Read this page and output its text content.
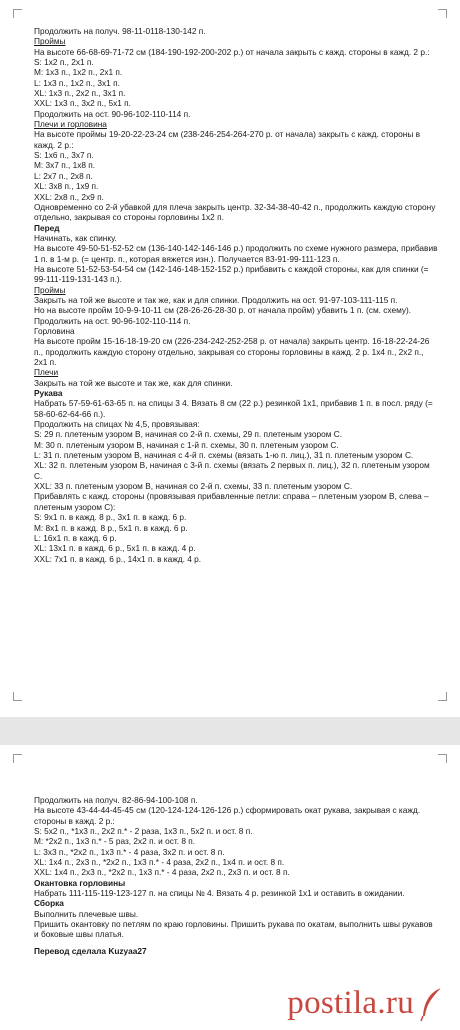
Продолжить на получ. 98-11-0118-130-142 п.
Проймы
На высоте 66-68-69-71-72 см (184-190-192-200-202 р.) от начала закрыть с кажд. стороны в кажд. 2 р.:
S: 1x2 п., 2x1 п.
M: 1x3 п., 1x2 п., 2x1 п.
L: 1x3 п., 1x2 п., 3x1 п.
XL: 1x3 п., 2x2 п., 3x1 п.
XXL: 1x3 п., 3x2 п., 5x1 п.
Продолжить на ост. 90-96-102-110-114 п.
Плечи и горловина
На высоте проймы 19-20-22-23-24 см (238-246-254-264-270 р. от начала) закрыть с кажд. стороны в кажд. 2 р.:
S: 1x6 п., 3x7 п.
M: 3x7 п., 1x8 п.
L: 2x7 п., 2x8 п.
XL: 3x8 п., 1x9 п.
XXL: 2x8 п., 2x9 п.
Одновременно со 2-й убавкой для плеча закрыть центр. 32-34-38-40-42 п., продолжить каждую сторону отдельно, закрывая со стороны горловины 1x2 п.
Перед
Начинать, как спинку.
На высоте 49-50-51-52-52 см (136-140-142-146-146 р.) продолжить по схеме нужного размера, прибавив 1 п. в 1-м р. (= центр. п., которая вяжется изн.). Получается 83-91-99-111-123 п.
На высоте 51-52-53-54-54 см (142-146-148-152-152 р.) прибавить с каждой стороны, как для спинки (= 99-111-119-131-143 п.).
Проймы
Закрыть на той же высоте и так же, как и для спинки. Продолжить на ост. 91-97-103-111-115 п.
Но на высоте пройм 10-9-9-10-11 см (28-26-26-28-30 р. от начала пройм) убавить 1 п. (см. схему).
Продолжить на ост. 90-96-102-110-114 п.
Горловина
На высоте пройм 15-16-18-19-20 см (226-234-242-252-258 р. от начала) закрыть центр. 16-18-22-24-26 п., продолжить каждую сторону отдельно, закрывая со стороны горловины в кажд. 2 р. 1x4 п., 2x2 п., 2x1 п.
Плечи
Закрыть на той же высоте и так же, как для спинки.
Рукава
Набрать 57-59-61-63-65 п. на спицы 3 4. Вязать 8 см (22 р.) резинкой 1x1, прибавив 1 п. в посл. ряду (= 58-60-62-64-66 п.).
Продолжить на спицах № 4,5, провязывая:
S: 29 п. плетеным узором В, начиная со 2-й п. схемы, 29 п. плетеным узором С.
M: 30 п. плетеным узором В, начиная с 1-й п. схемы, 30 п. плетеным узором С.
L: 31 п. плетеным узором В, начиная с 4-й п. схемы (вязать 1-ю п. лиц.), 31 п. плетеным узором С.
XL: 32 п. плетеным узором В, начиная с 3-й п. схемы (вязать 2 первых п. лиц.), 32 п. плетеным узором С.
XXL: 33 п. плетеным узором В, начиная со 2-й п. схемы, 33 п. плетеным узором С.
Прибавлять с кажд. стороны (провязывая прибавленные петли: справа – плетеным узором В, слева – плетеным узором С):
S: 9x1 п. в кажд. 8 р., 3x1 п. в кажд. 6 р.
M: 8x1 п. в кажд. 8 р., 5x1 п. в кажд. 6 р.
L: 16x1 п. в кажд. 6 р.
XL: 13x1 п. в кажд. 6 р., 5x1 п. в кажд. 4 р.
XXL: 7x1 п. в кажд. 6 р., 14x1 п. в кажд. 4 р.
Продолжить на получ. 82-86-94-100-108 п.
На высоте 43-44-44-45-45 см (120-124-124-126-126 р.) сформировать окат рукава, закрывая с кажд. стороны в кажд. 2 р.:
S: 5x2 п., *1x3 п., 2x2 п.* - 2 раза, 1x3 п., 5x2 п. и ост. 8 п.
M: *2x2 п., 1x3 п.* - 5 раз, 2x2 п. и ост. 8 п.
L: 3x3 п., *2x2 п., 1x3 п.* - 4 раза, 3x2 п. и ост. 8 п.
XL: 1x4 п., 2x3 п., *2x2 п., 1x3 п.* - 4 раза, 2x2 п., 1x4 п. и ост. 8 п.
XXL: 1x4 п., 2x3 п., *2x2 п., 1x3 п.* - 4 раза, 2x2 п., 2x3 п. и ост. 8 п.
Окантовка горловины
Набрать 111-115-119-123-127 п. на спицы № 4. Вязать 4 р. резинкой 1x1 и оставить в ожидании.
Сборка
Выполнить плечевые швы.
Пришить окантовку по петлям по краю горловины. Пришить рукава по окатам, выполнить швы рукавов и боковые швы платья.
Перевод сделала Kuzyaa27
postila.ru
